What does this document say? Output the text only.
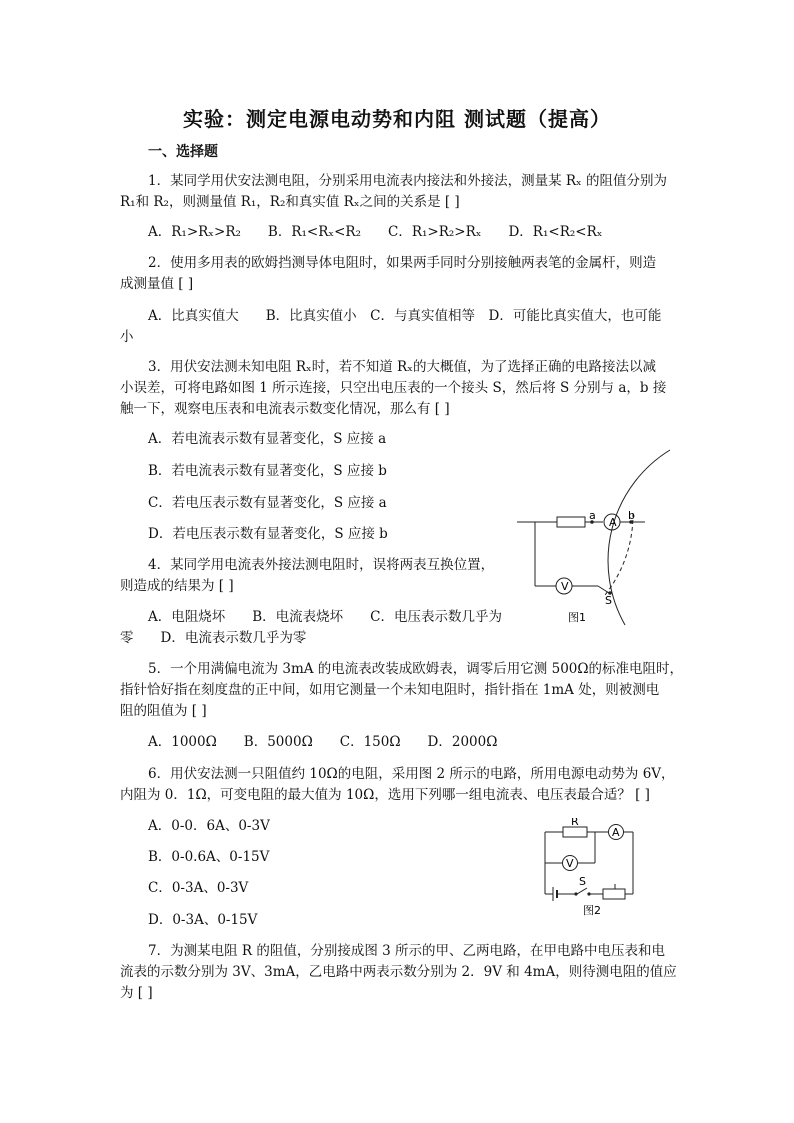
实验：测定电源电动势和内阻 测试题（提高）
一、选择题
1．某同学用伏安法测电阻，分别采用电流表内接法和外接法，测量某 Rₓ 的阻值分别为
R₁和 R₂，则测量值 R₁，R₂和真实值 Rₓ之间的关系是 [ ]
A．R₁>Rₓ>R₂　　B．R₁<Rₓ<R₂　　C．R₁>R₂>Rₓ　　D．R₁<R₂<Rₓ
2．使用多用表的欧姆挡测导体电阻时，如果两手同时分别接触两表笔的金属杆，则造
成测量值 [ ]
A．比真实值大　　B．比真实值小　C．与真实值相等　D．可能比真实值大，也可能
小
3．用伏安法测未知电阻 Rₓ时，若不知道 Rₓ的大概值，为了选择正确的电路接法以减
小误差，可将电路如图 1 所示连接，只空出电压表的一个接头 S，然后将 S 分别与 a，b 接
触一下，观察电压表和电流表示数变化情况，那么有 [ ]
A．若电流表示数有显著变化，S 应接 a
B．若电流表示数有显著变化，S 应接 b
C．若电压表示数有显著变化，S 应接 a
D．若电压表示数有显著变化，S 应接 b
4．某同学用电流表外接法测电阻时，误将两表互换位置，
则造成的结果为 [ ]
A．电阻烧坏　　B．电流表烧坏　　C．电压表示数几乎为
零　　D．电流表示数几乎为零
5．一个用满偏电流为 3mA 的电流表改装成欧姆表，调零后用它测 500Ω的标准电阻时，
指针恰好指在刻度盘的正中间，如用它测量一个未知电阻时，指针指在 1mA 处，则被测电
阻的阻值为 [ ]
A．1000Ω　　B．5000Ω　　C．150Ω　　D．2000Ω
6．用伏安法测一只阻值约 10Ω的电阻，采用图 2 所示的电路，所用电源电动势为 6V，
内阻为 0．1Ω，可变电阻的最大值为 10Ω，选用下列哪一组电流表、电压表最合适？ [ ]
A．0-0．6A、0-3V
B．0-0.6A、0-15V
C．0-3A、0-3V
D．0-3A、0-15V
7．为测某电阻 R 的阻值，分别接成图 3 所示的甲、乙两电路，在甲电路中电压表和电
流表的示数分别为 3V、3mA，乙电路中两表示数分别为 2．9V 和 4mA，则待测电阻的值应
为 [ ]
A
V
a	b
S
图1
A
V
R
S
图2
